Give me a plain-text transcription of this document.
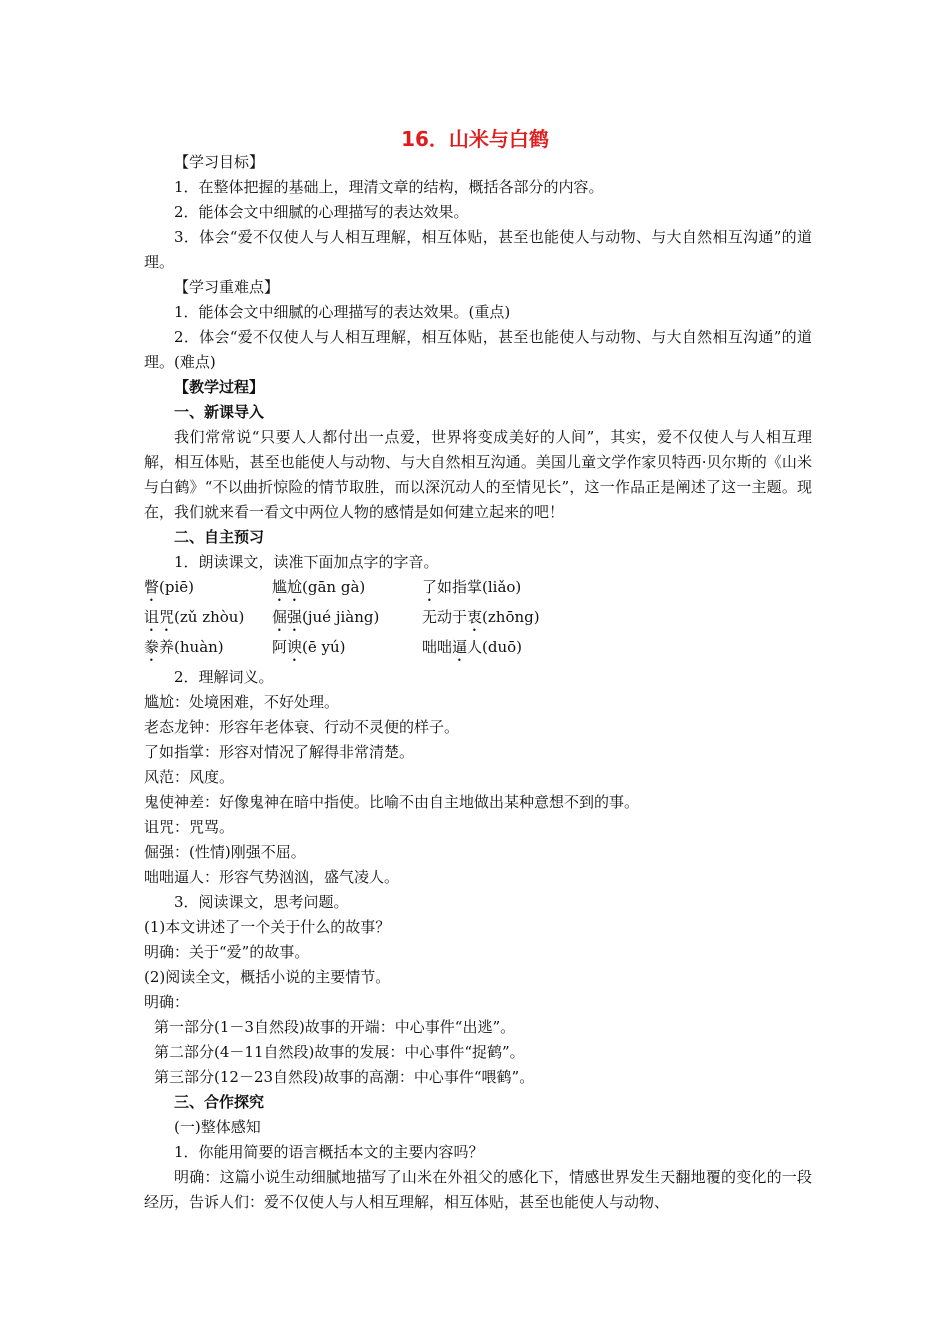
16．山米与白鹤
【学习目标】
1．在整体把握的基础上，理清文章的结构，概括各部分的内容。
2．能体会文中细腻的心理描写的表达效果。
3．体会“爱不仅使人与人相互理解，相互体贴，甚至也能使人与动物、与大自然相互沟通”的道理。
【学习重难点】
1．能体会文中细腻的心理描写的表达效果。(重点)
2．体会“爱不仅使人与人相互理解，相互体贴，甚至也能使人与动物、与大自然相互沟通”的道理。(难点)
【教学过程】
一、新课导入
我们常常说“只要人人都付出一点爱，世界将变成美好的人间”，其实，爱不仅使人与人相互理解，相互体贴，甚至也能使人与动物、与大自然相互沟通。美国儿童文学作家贝特西·贝尔斯的《山米与白鹤》“不以曲折惊险的情节取胜，而以深沉动人的至情见长”，这一作品正是阐述了这一主题。现在，我们就来看一看文中两位人物的感情是如何建立起来的吧！
二、自主预习
1．朗读课文，读准下面加点字的字音。
瞥(piē)	尴尬(gān gà)	了如指掌(liǎo)
诅咒(zǔ zhòu)	倔强(jué jiàng)	无动于衷(zhōng)
豢养(huàn)	阿谀(ē yú)	咄咄逼人(duō)
2．理解词义。
尴尬：处境困难，不好处理。
老态龙钟：形容年老体衰、行动不灵便的样子。
了如指掌：形容对情况了解得非常清楚。
风范：风度。
鬼使神差：好像鬼神在暗中指使。比喻不由自主地做出某种意想不到的事。
诅咒：咒骂。
倔强：(性情)刚强不屈。
咄咄逼人：形容气势汹汹，盛气凌人。
3．阅读课文，思考问题。
(1)本文讲述了一个关于什么的故事？
明确：关于“爱”的故事。
(2)阅读全文，概括小说的主要情节。
明确：
第一部分(1－3自然段)故事的开端：中心事件“出逃”。
第二部分(4－11自然段)故事的发展：中心事件“捉鹤”。
第三部分(12－23自然段)故事的高潮：中心事件“喂鹤”。
三、合作探究
(一)整体感知
1．你能用简要的语言概括本文的主要内容吗？
明确：这篇小说生动细腻地描写了山米在外祖父的感化下，情感世界发生天翻地覆的变化的一段经历，告诉人们：爱不仅使人与人相互理解，相互体贴，甚至也能使人与动物、
